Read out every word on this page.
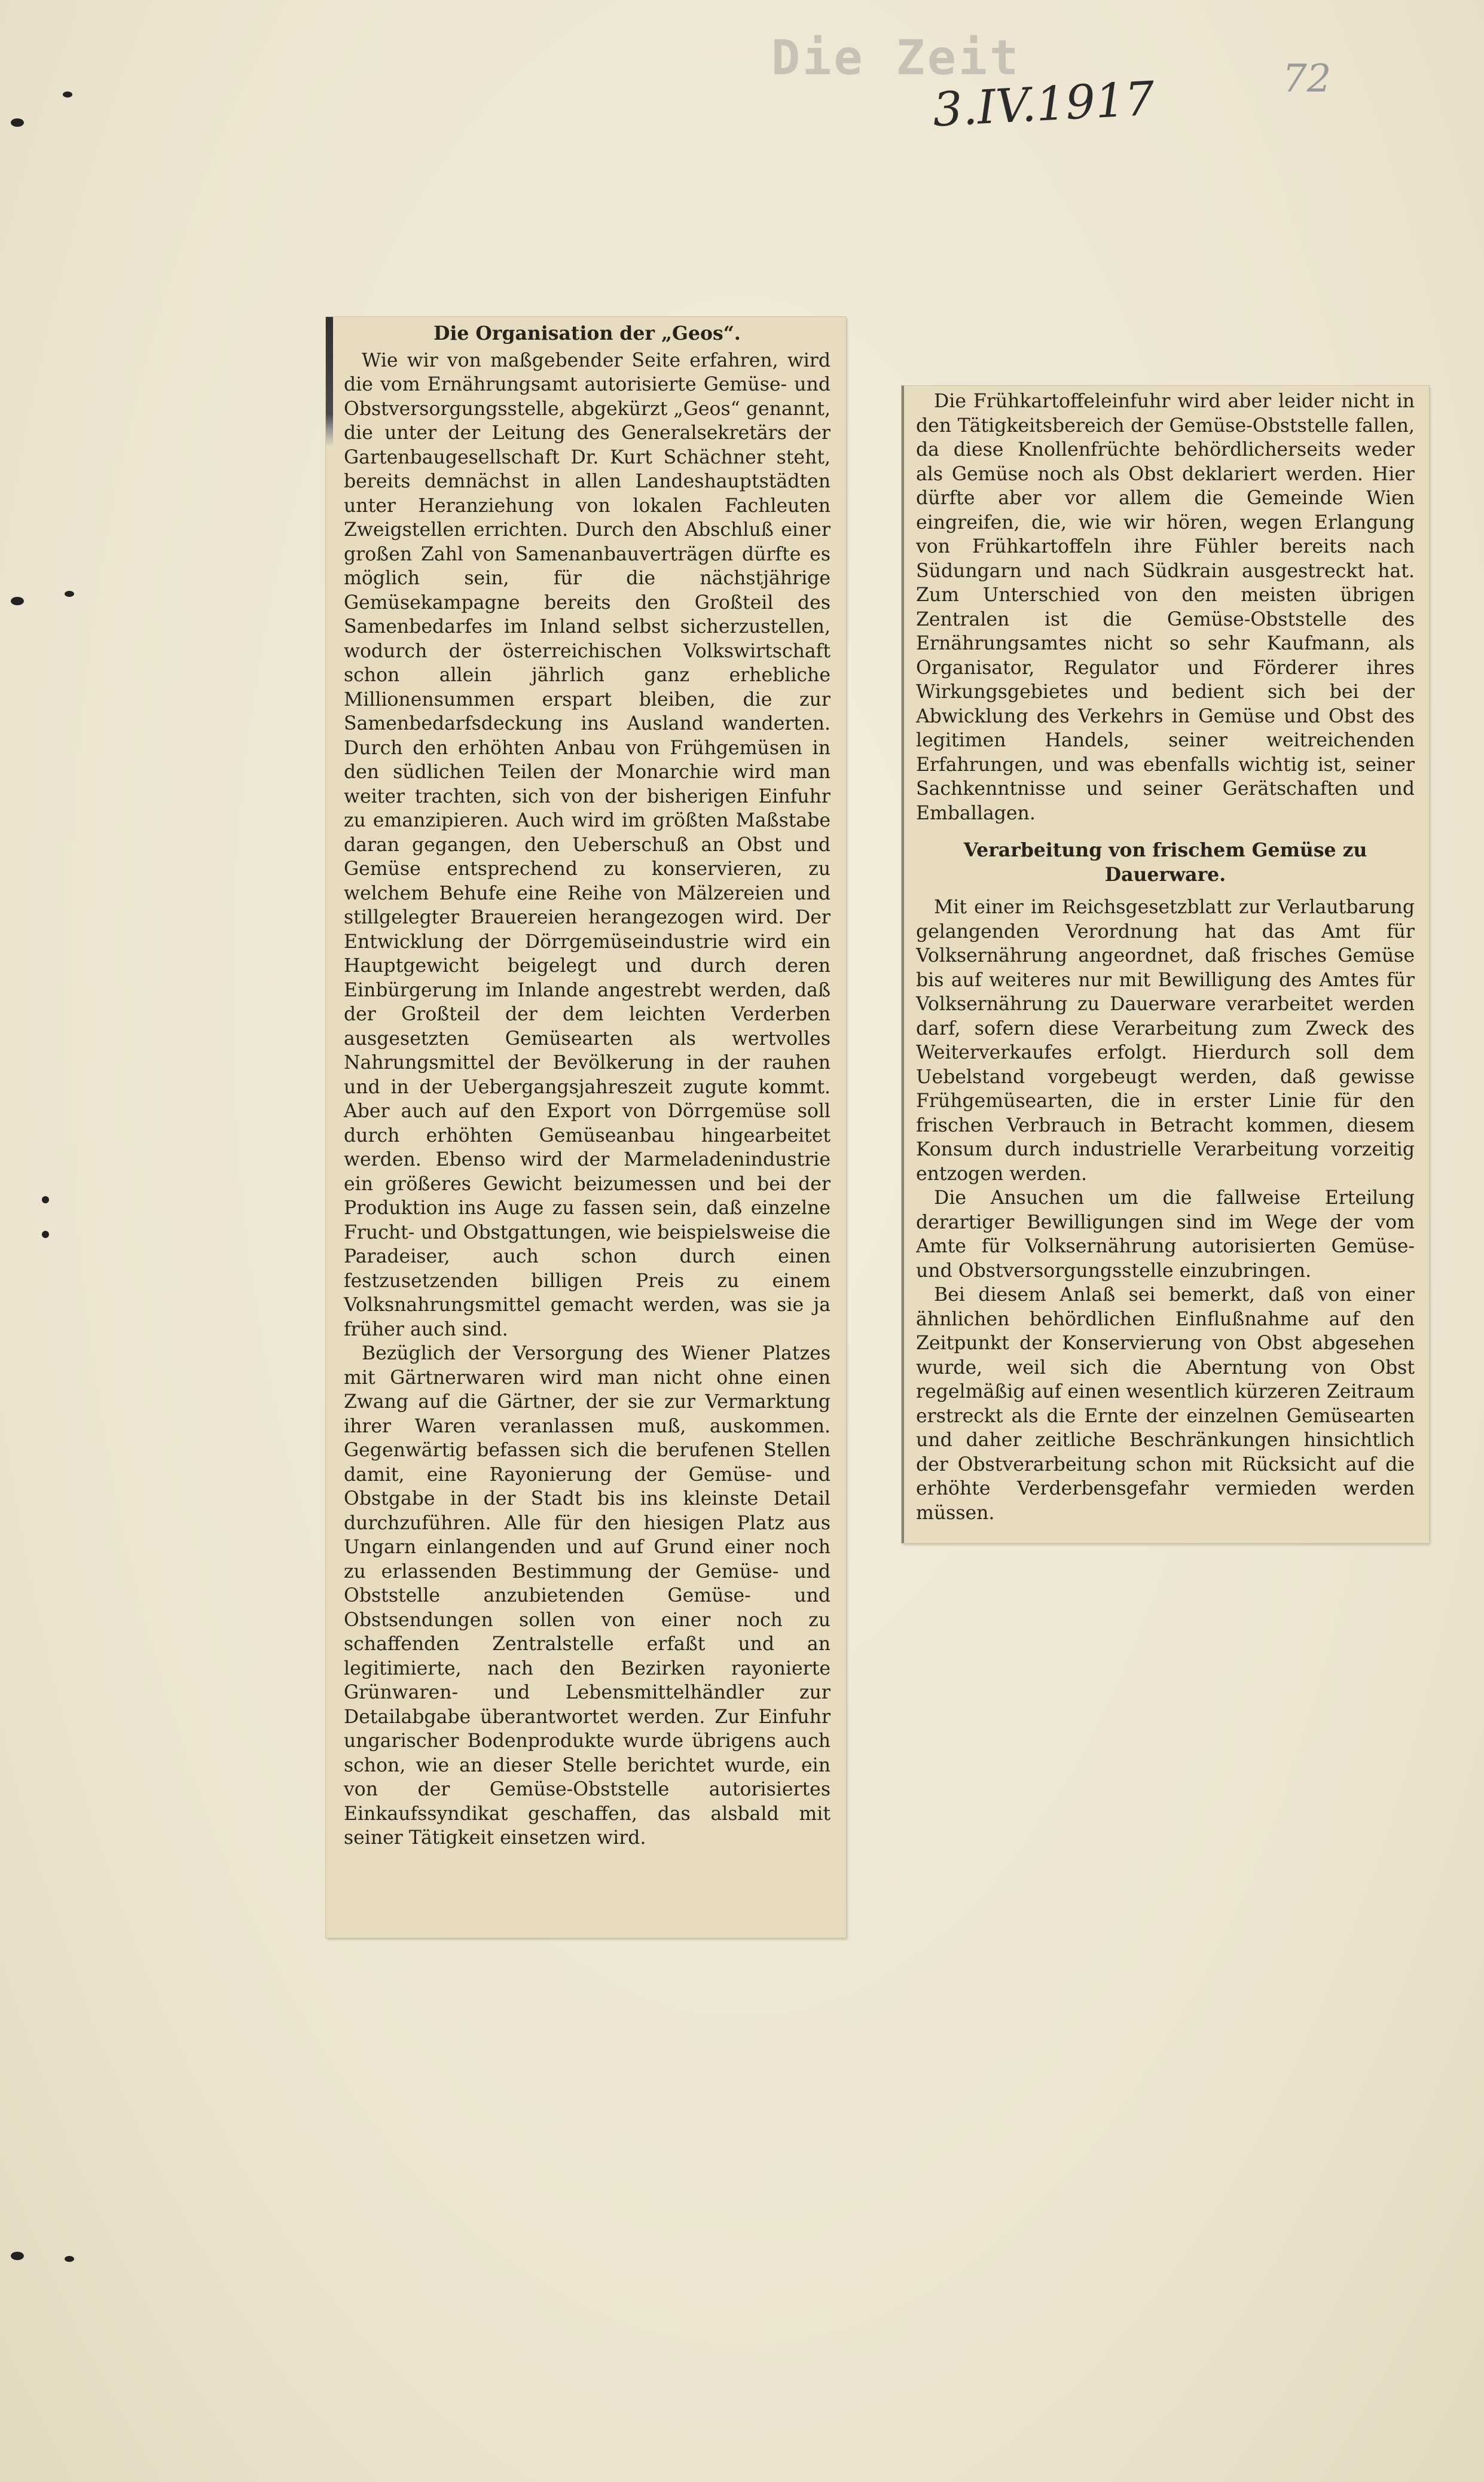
Die Zeit
3.IV.1917	72
Die Organisation der „Geos“.

Wie wir von maßgebender Seite erfahren, wird die vom Ernährungsamt autorisierte Gemüse- und Obstversorgungsstelle, abgekürzt „Geos“ genannt, die unter der Leitung des Generalsekretärs der Gartenbaugesellschaft Dr. Kurt Schächner steht, bereits demnächst in allen Landeshauptstädten unter Heranziehung von lokalen Fachleuten Zweigstellen errichten. Durch den Abschluß einer großen Zahl von Samenanbauverträgen dürfte es möglich sein, für die nächstjährige Gemüsekampagne bereits den Großteil des Samenbedarfes im Inland selbst sicherzustellen, wodurch der österreichischen Volkswirtschaft schon allein jährlich ganz erhebliche Millionensummen erspart bleiben, die zur Samenbedarfsdeckung ins Ausland wanderten. Durch den erhöhten Anbau von Frühgemüsen in den südlichen Teilen der Monarchie wird man weiter trachten, sich von der bisherigen Einfuhr zu emanzipieren. Auch wird im größten Maßstabe daran gegangen, den Ueberschuß an Obst und Gemüse entsprechend zu konservieren, zu welchem Behufe eine Reihe von Mälzereien und stillgelegter Brauereien herangezogen wird. Der Entwicklung der Dörrgemüseindustrie wird ein Hauptgewicht beigelegt und durch deren Einbürgerung im Inlande angestrebt werden, daß der Großteil der dem leichten Verderben ausgesetzten Gemüsearten als wertvolles Nahrungsmittel der Bevölkerung in der rauhen und in der Uebergangsjahreszeit zugute kommt. Aber auch auf den Export von Dörrgemüse soll durch erhöhten Gemüseanbau hingearbeitet werden. Ebenso wird der Marmeladenindustrie ein größeres Gewicht beizumessen und bei der Produktion ins Auge zu fassen sein, daß einzelne Frucht- und Obstgattungen, wie beispielsweise die Paradeiser, auch schon durch einen festzusetzenden billigen Preis zu einem Volksnahrungsmittel gemacht werden, was sie ja früher auch sind.

Bezüglich der Versorgung des Wiener Platzes mit Gärtnerwaren wird man nicht ohne einen Zwang auf die Gärtner, der sie zur Vermarktung ihrer Waren veranlassen muß, auskommen. Gegenwärtig befassen sich die berufenen Stellen damit, eine Rayonierung der Gemüse- und Obstgabe in der Stadt bis ins kleinste Detail durchzuführen. Alle für den hiesigen Platz aus Ungarn einlangenden und auf Grund einer noch zu erlassenden Bestimmung der Gemüse- und Obststelle anzubietenden Gemüse- und Obstsendungen sollen von einer noch zu schaffenden Zentralstelle erfaßt und an legitimierte, nach den Bezirken rayonierte Grünwaren- und Lebensmittelhändler zur Detailabgabe überantwortet werden. Zur Einfuhr ungarischer Bodenprodukte wurde übrigens auch schon, wie an dieser Stelle berichtet wurde, ein von der Gemüse-Obststelle autorisiertes Einkaufssyndikat geschaffen, das alsbald mit seiner Tätigkeit einsetzen wird.

Die Frühkartoffeleinfuhr wird aber leider nicht in den Tätigkeitsbereich der Gemüse-Obststelle fallen, da diese Knollenfrüchte behördlicherseits weder als Gemüse noch als Obst deklariert werden. Hier dürfte aber vor allem die Gemeinde Wien eingreifen, die, wie wir hören, wegen Erlangung von Frühkartoffeln ihre Fühler bereits nach Südungarn und nach Südkrain ausgestreckt hat. Zum Unterschied von den meisten übrigen Zentralen ist die Gemüse-Obststelle des Ernährungsamtes nicht so sehr Kaufmann, als Organisator, Regulator und Förderer ihres Wirkungsgebietes und bedient sich bei der Abwicklung des Verkehrs in Gemüse und Obst des legitimen Handels, seiner weitreichenden Erfahrungen, und was ebenfalls wichtig ist, seiner Sachkenntnisse und seiner Gerätschaften und Emballagen.

Verarbeitung von frischem Gemüse zu Dauerware.

Mit einer im Reichsgesetzblatt zur Verlautbarung gelangenden Verordnung hat das Amt für Volksernährung angeordnet, daß frisches Gemüse bis auf weiteres nur mit Bewilligung des Amtes für Volksernährung zu Dauerware verarbeitet werden darf, sofern diese Verarbeitung zum Zweck des Weiterverkaufes erfolgt. Hierdurch soll dem Uebelstand vorgebeugt werden, daß gewisse Frühgemüsearten, die in erster Linie für den frischen Verbrauch in Betracht kommen, diesem Konsum durch industrielle Verarbeitung vorzeitig entzogen werden.

Die Ansuchen um die fallweise Erteilung derartiger Bewilligungen sind im Wege der vom Amte für Volksernährung autorisierten Gemüse- und Obstversorgungsstelle einzubringen.

Bei diesem Anlaß sei bemerkt, daß von einer ähnlichen behördlichen Einflußnahme auf den Zeitpunkt der Konservierung von Obst abgesehen wurde, weil sich die Aberntung von Obst regelmäßig auf einen wesentlich kürzeren Zeitraum erstreckt als die Ernte der einzelnen Gemüsearten und daher zeitliche Beschränkungen hinsichtlich der Obstverarbeitung schon mit Rücksicht auf die erhöhte Verderbensgefahr vermieden werden müssen.
